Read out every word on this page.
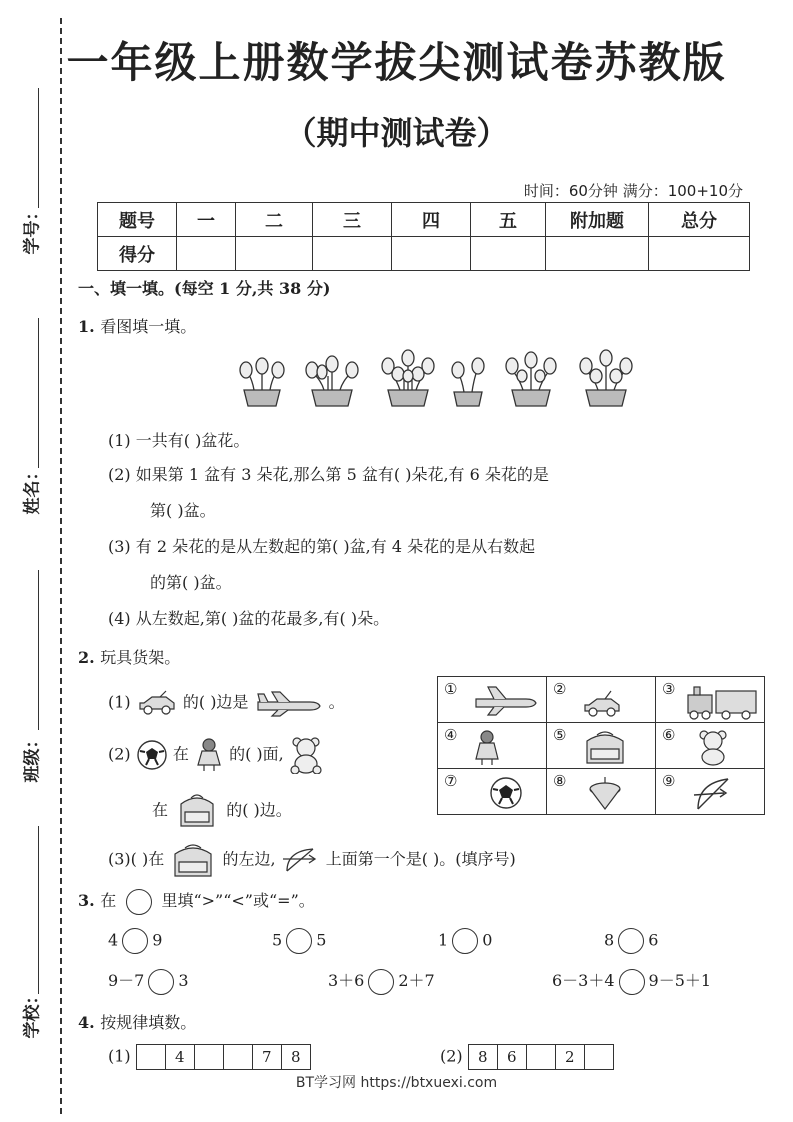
学号：
姓名：
班级：
学校：
一年级上册数学拔尖测试卷苏教版
（期中测试卷）
时间：60分钟 满分：100+10分
题号	一	二	三	四	五	附加题	总分
得分							
一、填一填。(每空 1 分,共 38 分)
1. 看图填一填。
(1) 一共有( )盆花。
(2) 如果第 1 盆有 3 朵花,那么第 5 盆有( )朵花,有 6 朵花的是
第( )盆。
(3) 有 2 朵花的是从左数起的第( )盆,有 4 朵花的是从右数起
的第( )盆。
(4) 从左数起,第( )盆的花最多,有( )朵。
2. 玩具货架。
(1)	的( )边是	。
(2)	在	的( )面,
在	的( )边。
①	②	③

④	⑤	⑥

⑦	⑧	⑨
(3)( )在	的左边,	上面第一个是( )。(填序号)
3. 在	里填“>”“<”或“=”。
4 9	5 5	1 0	8 6
9－7 3	3＋6 2＋7	6－3＋4 9－5＋1
4. 按规律填数。
(1)		4			7	8	(2) 8	6		2	
BT学习网 https://btxuexi.com
